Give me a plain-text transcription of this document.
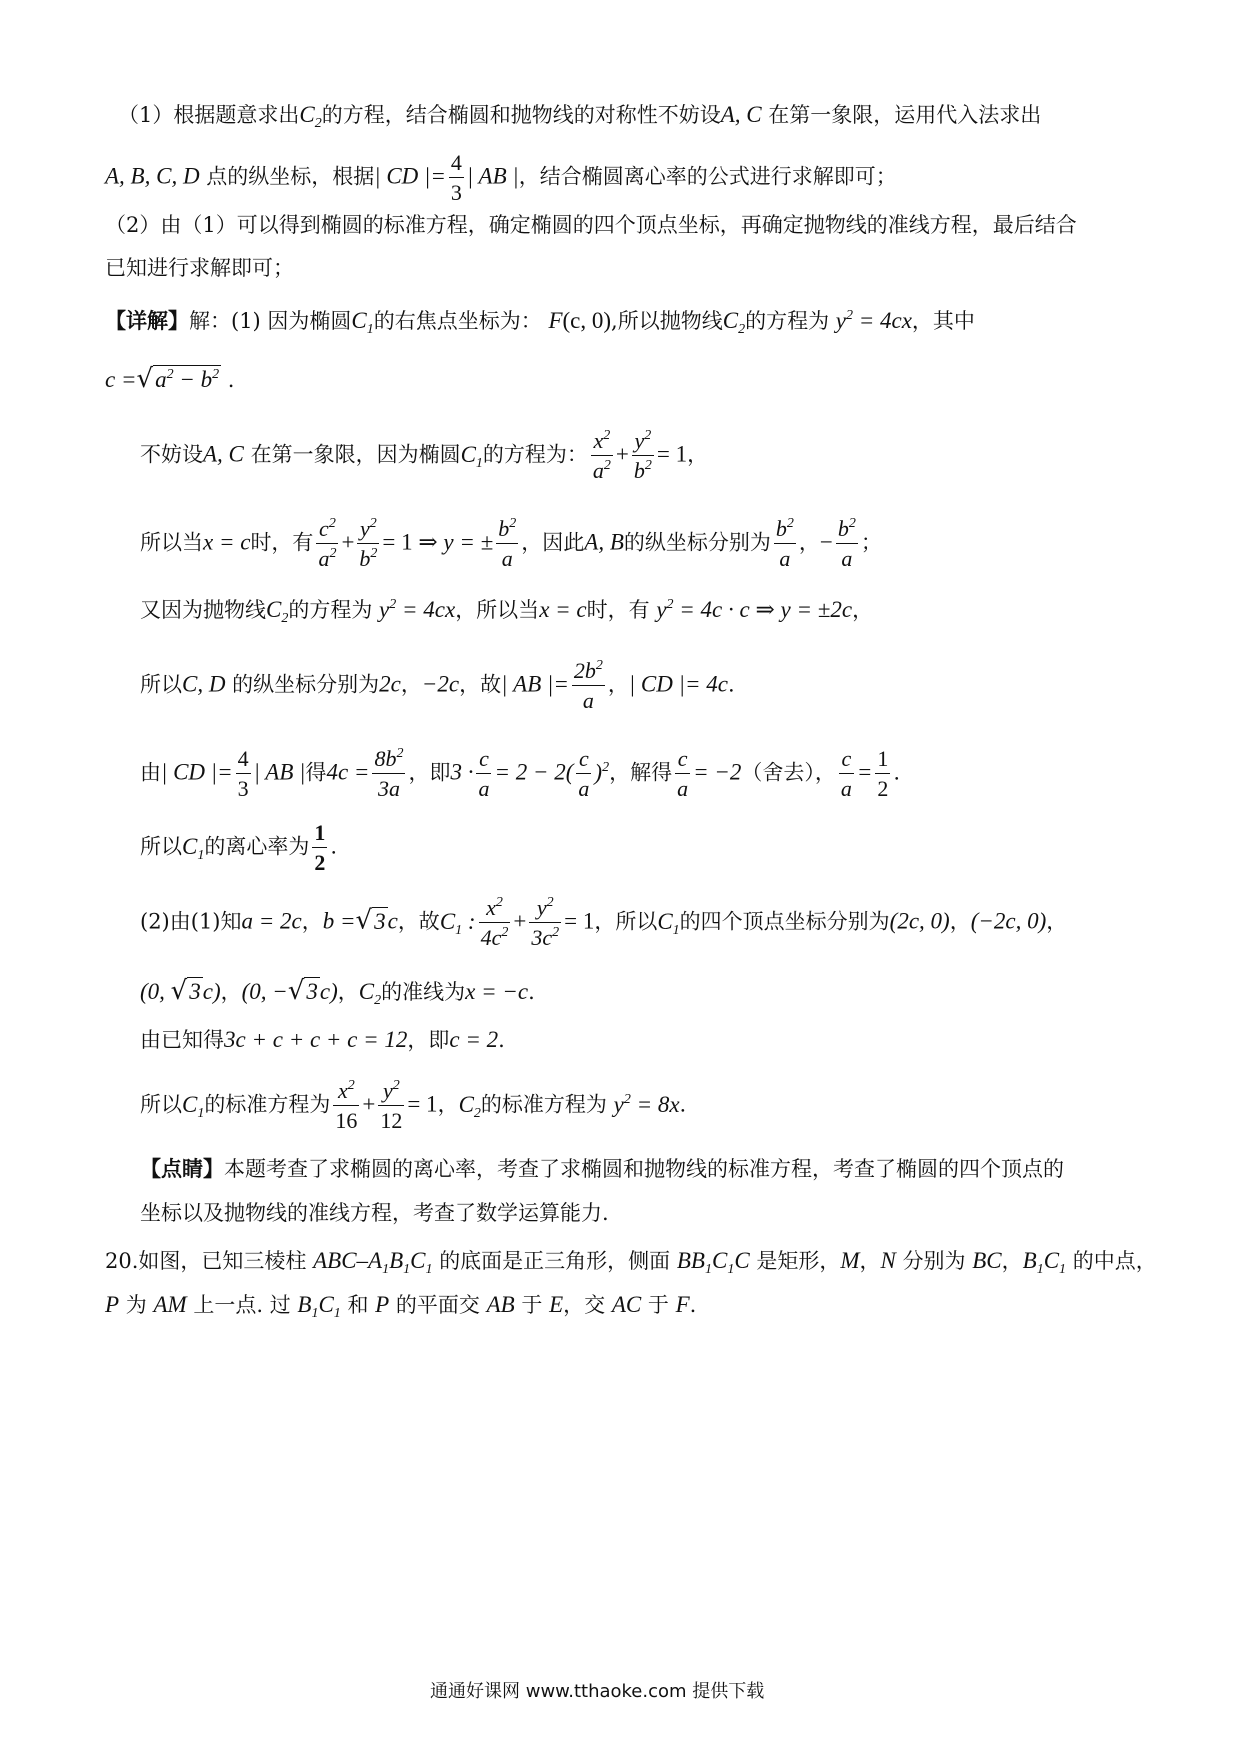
（1）根据题意求出$C_2$的方程，结合椭圆和抛物线的对称性不妨设A, C 在第一象限，运用代入法求出
A, B, C, D 点的纵坐标，根据| CD |= $\frac{4}{3}$ | AB |，结合椭圆离心率的公式进行求解即可；
（2）由（1）可以得到椭圆的标准方程，确定椭圆的四个顶点坐标，再确定抛物线的准线方程，最后结合
已知进行求解即可；
【详解】解：(1) 因为椭圆$C_1$的右焦点坐标为： F(c, 0),所以抛物线$C_2$的方程为 $y^2 = 4cx$，其中
$c =√a^2 - b^2$ .
不妨设A, C 在第一象限，因为椭圆$C_1$的方程为： $\frac{x^2}{a^2} + \frac{y^2}{b^2} = 1$，
所以当x = c时，有 $\frac{c^2}{a^2} + \frac{y^2}{b^2} = 1$ ⇒ y = ± $\frac{b^2}{a}$ ，因此A, B的纵坐标分别为 $\frac{b^2}{a}$ ，− $\frac{b^2}{a}$ ；
又因为抛物线$C_2$的方程为 $y^2 = 4cx$，所以当x = c时，有 $y^2 = 4c \cdot c$ ⇒ y = ±2c，
所以C, D 的纵坐标分别为2c，−2c，故| AB |= $\frac{2b^2}{a}$ ，| CD |= 4c.
由| CD |= $\frac{4}{3}$ | AB |得$4c = \frac{8b^2}{3a}$ ，即$3 \cdot \frac{c}{a} = 2 - 2( \frac{c}{a} )^2$，解得 $\frac{c}{a} = -2$（舍去）， $\frac{c}{a} = \frac{1}{2}$ .
所以$C_1$的离心率为 $\frac{1}{2}$ .
(2)由(1)知a = 2c，b =√3c，故$C_1$ : $\frac{x^2}{4c^2} + \frac{y^2}{3c^2} = 1$，所以$C_1$的四个顶点坐标分别为(2c, 0)，(−2c, 0)，
(0, √3c)，(0, −√3c)，$C_2$的准线为x = −c.
由已知得3c + c + c + c = 12，即c = 2.
所以$C_1$的标准方程为 $\frac{x^2}{16} + \frac{y^2}{12} = 1$，$C_2$的标准方程为 $y^2 = 8x$.
【点睛】本题考查了求椭圆的离心率，考查了求椭圆和抛物线的标准方程，考查了椭圆的四个顶点的
坐标以及抛物线的准线方程，考查了数学运算能力.
20.如图，已知三棱柱 ABC–$A_1B_1C_1$ 的底面是正三角形，侧面 $BB_1C_1C$ 是矩形，M，N 分别为 BC，$B_1C_1$ 的中点，
P 为 AM 上一点. 过 $B_1C_1$ 和 P 的平面交 AB 于 E，交 AC 于 F.
通通好课网 www.tthaoke.com 提供下载
